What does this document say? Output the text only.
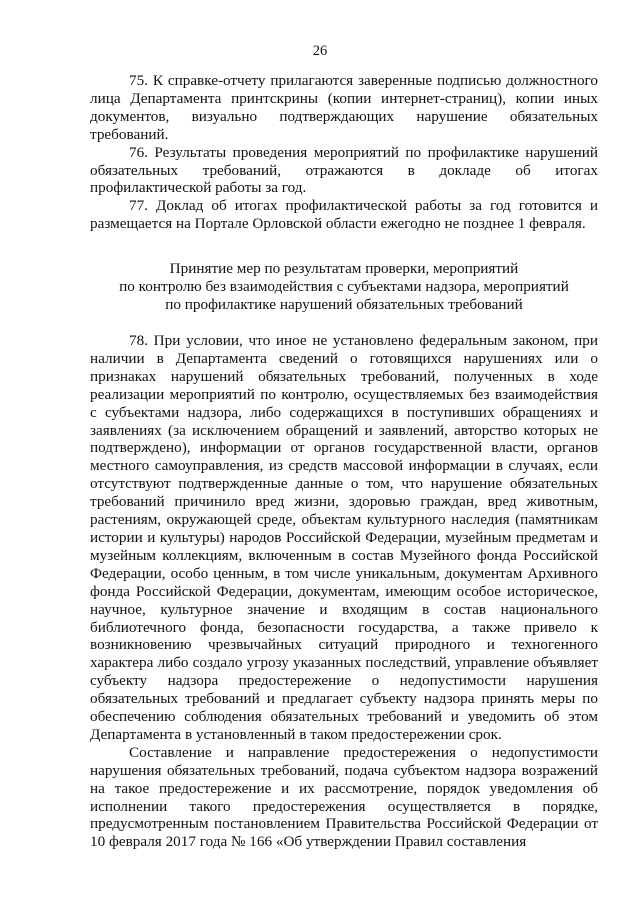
26

75. К справке-отчету прилагаются заверенные подписью должностного лица Департамента принтскрины (копии интернет-страниц), копии иных документов, визуально подтверждающих нарушение обязательных требований.

76. Результаты проведения мероприятий по профилактике нарушений обязательных требований, отражаются в докладе об итогах профилактической работы за год.

77. Доклад об итогах профилактической работы за год готовится и размещается на Портале Орловской области ежегодно не позднее 1 февраля.

Принятие мер по результатам проверки, мероприятий
по контролю без взаимодействия с субъектами надзора, мероприятий
по профилактике нарушений обязательных требований

78. При условии, что иное не установлено федеральным законом, при наличии в Департамента сведений о готовящихся нарушениях или о признаках нарушений обязательных требований, полученных в ходе реализации мероприятий по контролю, осуществляемых без взаимодействия с субъектами надзора, либо содержащихся в поступивших обращениях и заявлениях (за исключением обращений и заявлений, авторство которых не подтверждено), информации от органов государственной власти, органов местного самоуправления, из средств массовой информации в случаях, если отсутствуют подтвержденные данные о том, что нарушение обязательных требований причинило вред жизни, здоровью граждан, вред животным, растениям, окружающей среде, объектам культурного наследия (памятникам истории и культуры) народов Российской Федерации, музейным предметам и музейным коллекциям, включенным в состав Музейного фонда Российской Федерации, особо ценным, в том числе уникальным, документам Архивного фонда Российской Федерации, документам, имеющим особое историческое, научное, культурное значение и входящим в состав национального библиотечного фонда, безопасности государства, а также привело к возникновению чрезвычайных ситуаций природного и техногенного характера либо создало угрозу указанных последствий, управление объявляет субъекту надзора предостережение о недопустимости нарушения обязательных требований и предлагает субъекту надзора принять меры по обеспечению соблюдения обязательных требований и уведомить об этом Департамента в установленный в таком предостережении срок.

Составление и направление предостережения о недопустимости нарушения обязательных требований, подача субъектом надзора возражений на такое предостережение и их рассмотрение, порядок уведомления об исполнении такого предостережения осуществляется в порядке, предусмотренным постановлением Правительства Российской Федерации от 10 февраля 2017 года № 166 «Об утверждении Правил составления
